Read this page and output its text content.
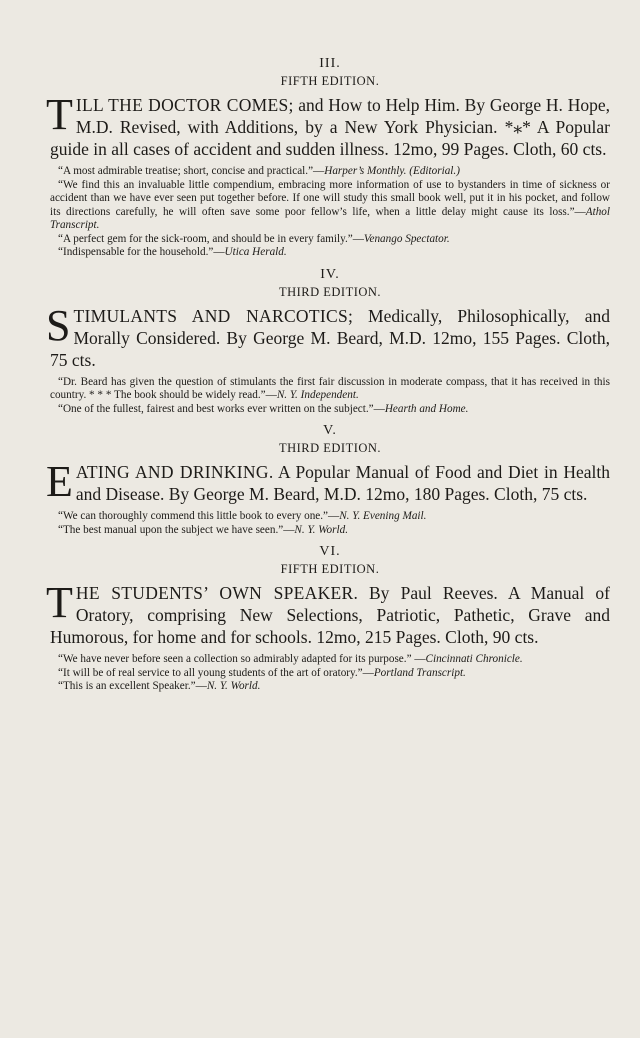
III.
FIFTH EDITION.

TILL THE DOCTOR COMES; and How to Help Him. By George H. Hope, M.D. Revised, with Additions, by a New York Physician. *⁎* A Popular guide in all cases of accident and sudden illness. 12mo, 99 Pages. Cloth, 60 cts.

“A most admirable treatise; short, concise and practical.”—Harper’s Monthly. (Editorial.)

“We find this an invaluable little compendium, embracing more information of use to bystanders in time of sickness or accident than we have ever seen put together before. If one will study this small book well, put it in his pocket, and follow its directions carefully, he will often save some poor fellow’s life, when a little delay might cause its loss.”—Athol Transcript.

“A perfect gem for the sick-room, and should be in every family.”—Venango Spectator.

“Indispensable for the household.”—Utica Herald.

IV.
THIRD EDITION.

STIMULANTS AND NARCOTICS; Medically, Philosophically, and Morally Considered. By George M. Beard, M.D. 12mo, 155 Pages. Cloth, 75 cts.

“Dr. Beard has given the question of stimulants the first fair discussion in moderate compass, that it has received in this country. * * * The book should be widely read.”—N. Y. Independent.

“One of the fullest, fairest and best works ever written on the subject.”—Hearth and Home.

V.
THIRD EDITION.

EATING AND DRINKING. A Popular Manual of Food and Diet in Health and Disease. By George M. Beard, M.D. 12mo, 180 Pages. Cloth, 75 cts.

“We can thoroughly commend this little book to every one.”—N. Y. Evening Mail.

“The best manual upon the subject we have seen.”—N. Y. World.

VI.
FIFTH EDITION.

THE STUDENTS’ OWN SPEAKER. By Paul Reeves. A Manual of Oratory, comprising New Selections, Patriotic, Pathetic, Grave and Humorous, for home and for schools. 12mo, 215 Pages. Cloth, 90 cts.

“We have never before seen a collection so admirably adapted for its purpose.” —Cincinnati Chronicle.

“It will be of real service to all young students of the art of oratory.”—Portland Transcript.

“This is an excellent Speaker.”—N. Y. World.
